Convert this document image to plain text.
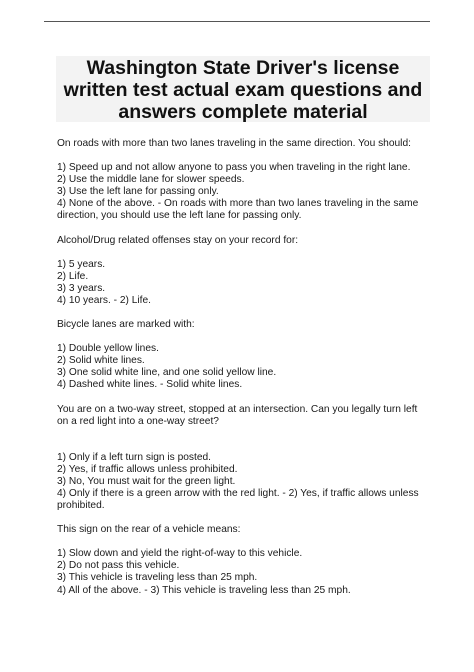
Washington State Driver's license written test actual exam questions and answers complete material

On roads with more than two lanes traveling in the same direction. You should:

1) Speed up and not allow anyone to pass you when traveling in the right lane.
2) Use the middle lane for slower speeds.
3) Use the left lane for passing only.
4) None of the above. - On roads with more than two lanes traveling in the same direction, you should use the left lane for passing only.

Alcohol/Drug related offenses stay on your record for:

1) 5 years.
2) Life.
3) 3 years.
4) 10 years. - 2) Life.

Bicycle lanes are marked with:

1) Double yellow lines.
2) Solid white lines.
3) One solid white line, and one solid yellow line.
4) Dashed white lines. - Solid white lines.

You are on a two-way street, stopped at an intersection. Can you legally turn left on a red light into a one-way street?

1) Only if a left turn sign is posted.
2) Yes, if traffic allows unless prohibited.
3) No, You must wait for the green light.
4) Only if there is a green arrow with the red light. - 2) Yes, if traffic allows unless prohibited.

This sign on the rear of a vehicle means:

1) Slow down and yield the right-of-way to this vehicle.
2) Do not pass this vehicle.
3) This vehicle is traveling less than 25 mph.
4) All of the above. - 3) This vehicle is traveling less than 25 mph.
